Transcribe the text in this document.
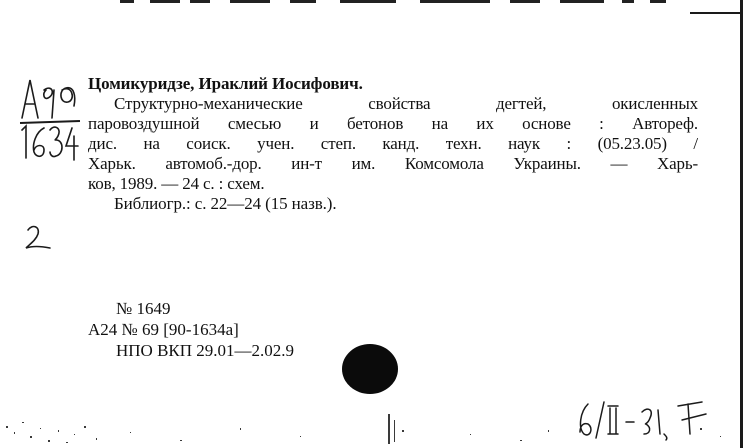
Цомикуридзе, Ираклий Иосифович.
Структурно-механические свойства дегтей, окисленных
паровоздушной смесью и бетонов на их основе : Автореф.
дис. на соиск. учен. степ. канд. техн. наук : (05.23.05) /
Харьк. автомоб.-дор. ин-т им. Комсомола Украины. — Харь-
ков, 1989. — 24 с. : схем.
Библиогр.: с. 22—24 (15 назв.).
№ 1649
А24 № 69 [90-1634а]
НПО ВКП 29.01—2.02.9
